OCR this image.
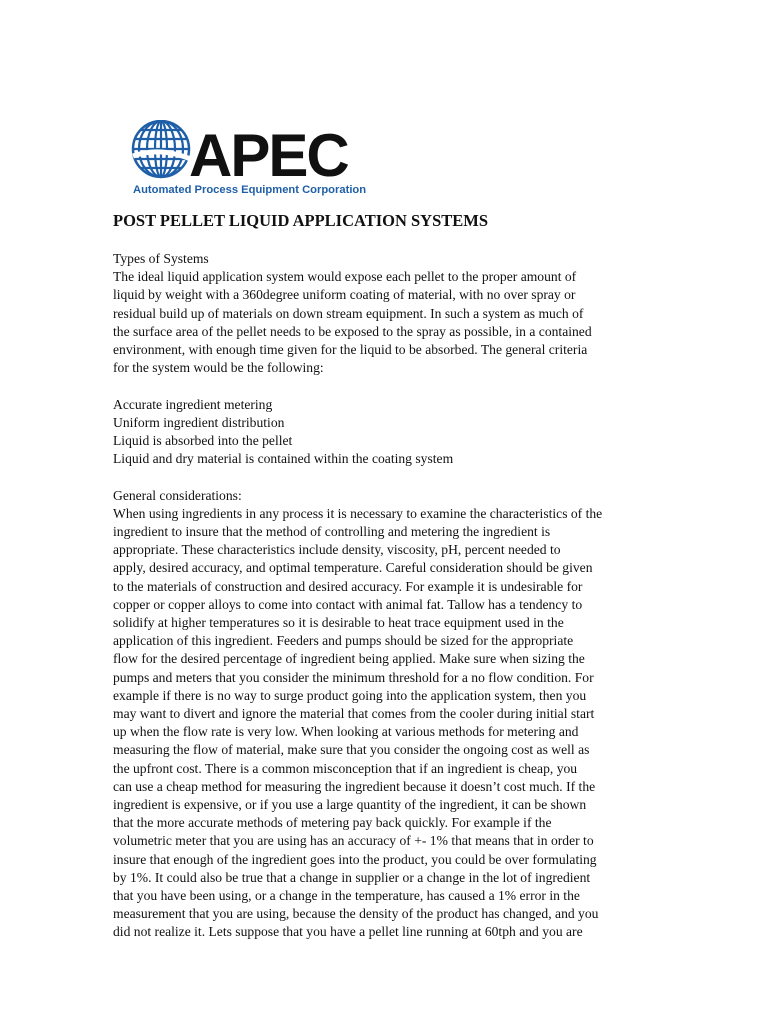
APEC
Automated Process Equipment Corporation
POST PELLET LIQUID APPLICATION SYSTEMS
Types of Systems
The ideal liquid application system would expose each pellet to the proper amount of
liquid by weight with a 360degree uniform coating of material, with no over spray or
residual build up of materials on down stream equipment. In such a system as much of
the surface area of the pellet needs to be exposed to the spray as possible, in a contained
environment, with enough time given for the liquid to be absorbed. The general criteria
for the system would be the following:
Accurate ingredient metering
Uniform ingredient distribution
Liquid is absorbed into the pellet
Liquid and dry material is contained within the coating system
General considerations:
When using ingredients in any process it is necessary to examine the characteristics of the
ingredient to insure that the method of controlling and metering the ingredient is
appropriate. These characteristics include density, viscosity, pH, percent needed to
apply, desired accuracy, and optimal temperature. Careful consideration should be given
to the materials of construction and desired accuracy. For example it is undesirable for
copper or copper alloys to come into contact with animal fat. Tallow has a tendency to
solidify at higher temperatures so it is desirable to heat trace equipment used in the
application of this ingredient. Feeders and pumps should be sized for the appropriate
flow for the desired percentage of ingredient being applied. Make sure when sizing the
pumps and meters that you consider the minimum threshold for a no flow condition. For
example if there is no way to surge product going into the application system, then you
may want to divert and ignore the material that comes from the cooler during initial start
up when the flow rate is very low. When looking at various methods for metering and
measuring the flow of material, make sure that you consider the ongoing cost as well as
the upfront cost. There is a common misconception that if an ingredient is cheap, you
can use a cheap method for measuring the ingredient because it doesn’t cost much. If the
ingredient is expensive, or if you use a large quantity of the ingredient, it can be shown
that the more accurate methods of metering pay back quickly. For example if the
volumetric meter that you are using has an accuracy of +- 1% that means that in order to
insure that enough of the ingredient goes into the product, you could be over formulating
by 1%. It could also be true that a change in supplier or a change in the lot of ingredient
that you have been using, or a change in the temperature, has caused a 1% error in the
measurement that you are using, because the density of the product has changed, and you
did not realize it. Lets suppose that you have a pellet line running at 60tph and you are
